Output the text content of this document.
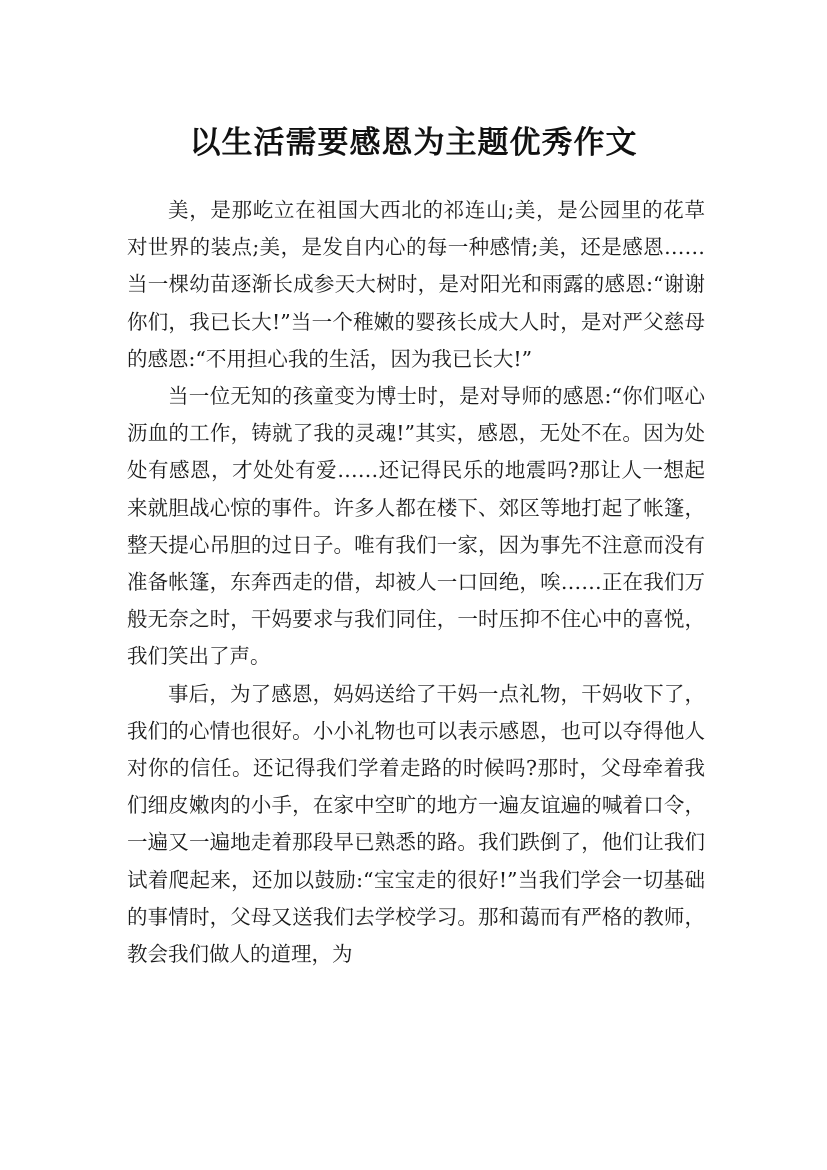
以生活需要感恩为主题优秀作文

美，是那屹立在祖国大西北的祁连山;美，是公园里的花草对世界的装点;美，是发自内心的每一种感情;美，还是感恩……当一棵幼苗逐渐长成参天大树时，是对阳光和雨露的感恩:“谢谢你们，我已长大!”当一个稚嫩的婴孩长成大人时，是对严父慈母的感恩:“不用担心我的生活，因为我已长大!”

当一位无知的孩童变为博士时，是对导师的感恩:“你们呕心沥血的工作，铸就了我的灵魂!”其实，感恩，无处不在。因为处处有感恩，才处处有爱……还记得民乐的地震吗?那让人一想起来就胆战心惊的事件。许多人都在楼下、郊区等地打起了帐篷，整天提心吊胆的过日子。唯有我们一家，因为事先不注意而没有准备帐篷，东奔西走的借，却被人一口回绝，唉……正在我们万般无奈之时，干妈要求与我们同住，一时压抑不住心中的喜悦，我们笑出了声。

事后，为了感恩，妈妈送给了干妈一点礼物，干妈收下了，我们的心情也很好。小小礼物也可以表示感恩，也可以夺得他人对你的信任。还记得我们学着走路的时候吗?那时，父母牵着我们细皮嫩肉的小手，在家中空旷的地方一遍友谊遍的喊着口令，一遍又一遍地走着那段早已熟悉的路。我们跌倒了，他们让我们试着爬起来，还加以鼓励:“宝宝走的很好!”当我们学会一切基础的事情时，父母又送我们去学校学习。那和蔼而有严格的教师，教会我们做人的道理，为
